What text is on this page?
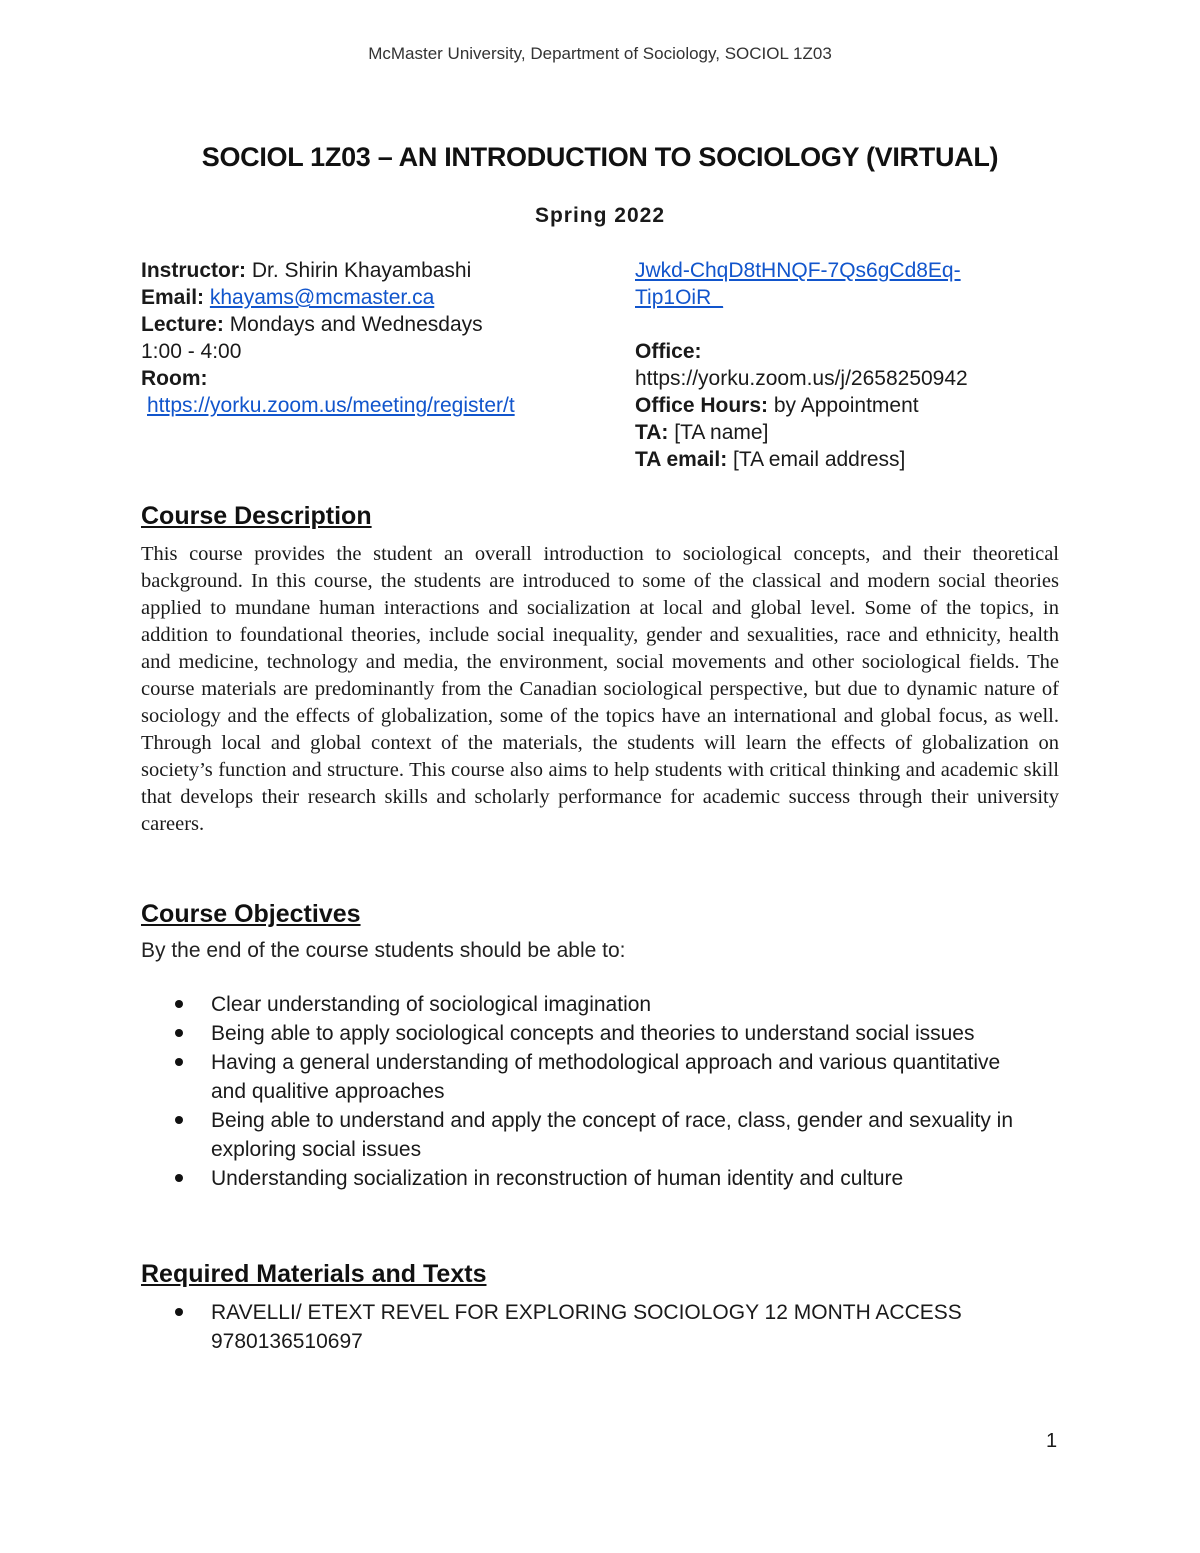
McMaster University, Department of Sociology, SOCIOL 1Z03
SOCIOL 1Z03 – AN INTRODUCTION TO SOCIOLOGY (VIRTUAL)
Spring 2022
Instructor: Dr. Shirin Khayambashi
Email: khayams@mcmaster.ca
Lecture: Mondays and Wednesdays
1:00 - 4:00
Room:
https://yorku.zoom.us/meeting/register/t
Jwkd-ChqD8tHNQF-7Qs6gCd8Eq-
Tip1OiR_
Office:
https://yorku.zoom.us/j/2658250942
Office Hours: by Appointment
TA: [TA name]
TA email: [TA email address]
Course Description
This course provides the student an overall introduction to sociological concepts, and their theoretical background. In this course, the students are introduced to some of the classical and modern social theories applied to mundane human interactions and socialization at local and global level. Some of the topics, in addition to foundational theories, include social inequality, gender and sexualities, race and ethnicity, health and medicine, technology and media, the environment, social movements and other sociological fields. The course materials are predominantly from the Canadian sociological perspective, but due to dynamic nature of sociology and the effects of globalization, some of the topics have an international and global focus, as well. Through local and global context of the materials, the students will learn the effects of globalization on society’s function and structure. This course also aims to help students with critical thinking and academic skill that develops their research skills and scholarly performance for academic success through their university careers.
Course Objectives
By the end of the course students should be able to:
Clear understanding of sociological imagination
Being able to apply sociological concepts and theories to understand social issues
Having a general understanding of methodological approach and various quantitative and qualitive approaches
Being able to understand and apply the concept of race, class, gender and sexuality in exploring social issues
Understanding socialization in reconstruction of human identity and culture
Required Materials and Texts
RAVELLI/ ETEXT REVEL FOR EXPLORING SOCIOLOGY 12 MONTH ACCESS 9780136510697
1
